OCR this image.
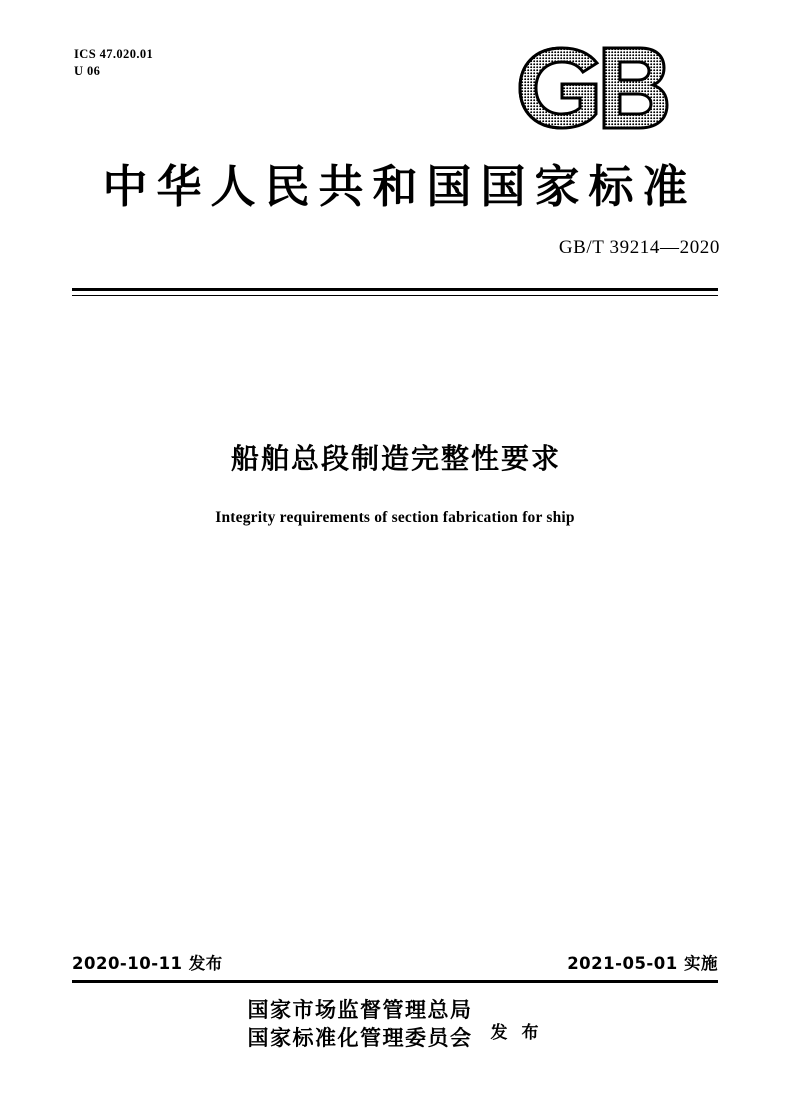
ICS 47.020.01
U 06
中华人民共和国国家标准
GB/T 39214—2020
船舶总段制造完整性要求
Integrity requirements of section fabrication for ship
2020-10-11 发布	2021-05-01 实施
国家市场监督管理总局
国家标准化管理委员会 发 布
